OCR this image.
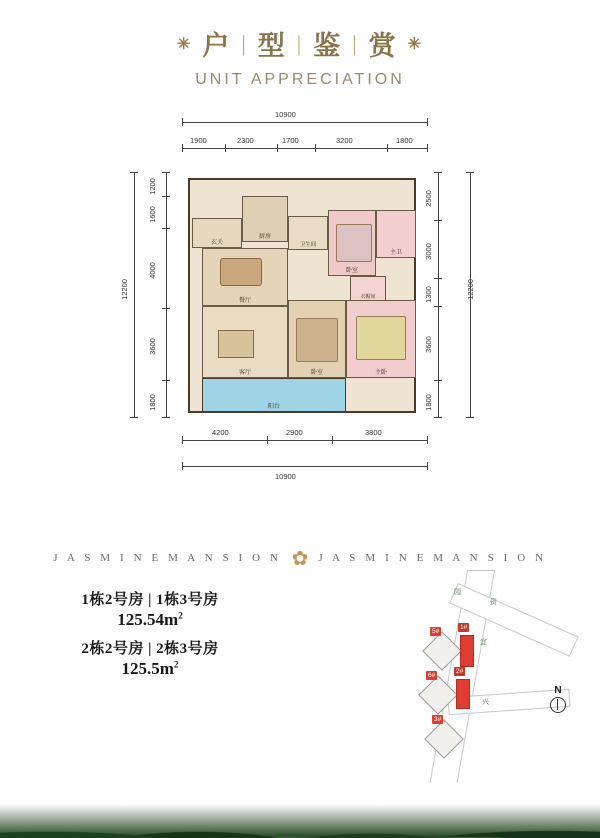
✳ 户 | 型 | 鉴 | 赏 ✳
UNIT APPRECIATION
10900
1900	2300	1700	3200	1800
12200
1200
1600
4000
3600
1800
12200
2500
3000
1300
3600
1800
4200	2900	3800
10900
玄关
厨房
卫生间
卧室
主卫
衣帽间
餐厅
客厅	卧室	主卧
阳台
J A S M I N E M A N S I O N ✿ J A S M I N E M A N S I O N
1栋2号房 | 1栋3号房
$125.54m^2$
2栋2号房 | 2栋3号房
$125.5m^2$
园
资
宜
兴
5#
1#
6#
2#
3#
N
